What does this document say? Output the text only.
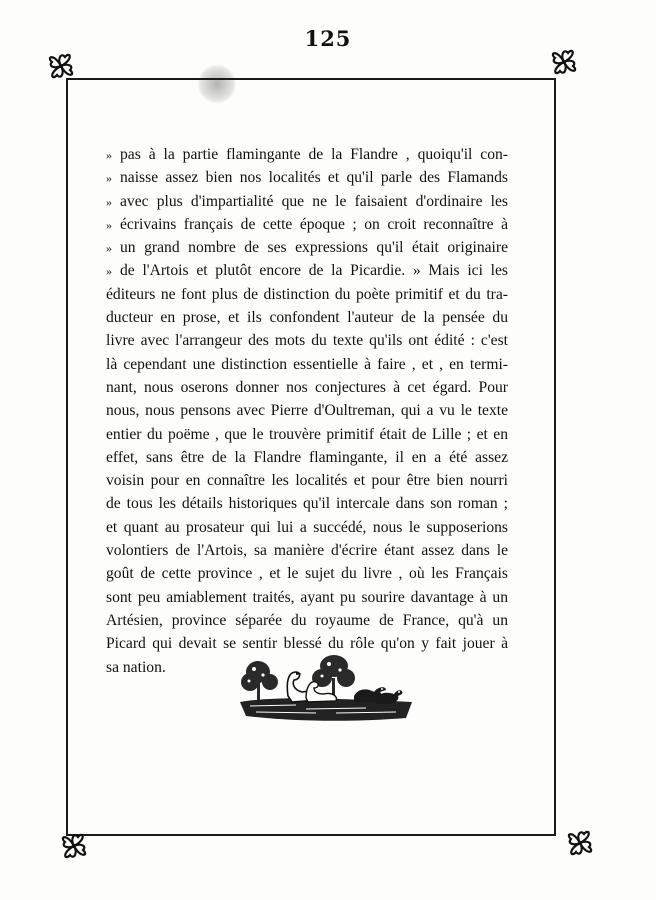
125
» pas à la partie flamingante de la Flandre , quoiqu'il con-
» naisse assez bien nos localités et qu'il parle des Flamands
» avec plus d'impartialité que ne le faisaient d'ordinaire les
» écrivains français de cette époque ; on croit reconnaître à
» un grand nombre de ses expressions qu'il était originaire
» de l'Artois et plutôt encore de la Picardie. » Mais ici les
éditeurs ne font plus de distinction du poète primitif et du tra-
ducteur en prose, et ils confondent l'auteur de la pensée du
livre avec l'arrangeur des mots du texte qu'ils ont édité : c'est
là cependant une distinction essentielle à faire , et , en termi-
nant, nous oserons donner nos conjectures à cet égard. Pour
nous, nous pensons avec Pierre d'Oultreman, qui a vu le texte
entier du poëme , que le trouvère primitif était de Lille ; et en
effet, sans être de la Flandre flamingante, il en a été assez
voisin pour en connaître les localités et pour être bien nourri
de tous les détails historiques qu'il intercale dans son roman ;
et quant au prosateur qui lui a succédé, nous le supposerions
volontiers de l'Artois, sa manière d'écrire étant assez dans le
goût de cette province , et le sujet du livre , où les Français
sont peu amiablement traités, ayant pu sourire davantage à un
Artésien, province séparée du royaume de France, qu'à un
Picard qui devait se sentir blessé du rôle qu'on y fait jouer à
sa nation.
